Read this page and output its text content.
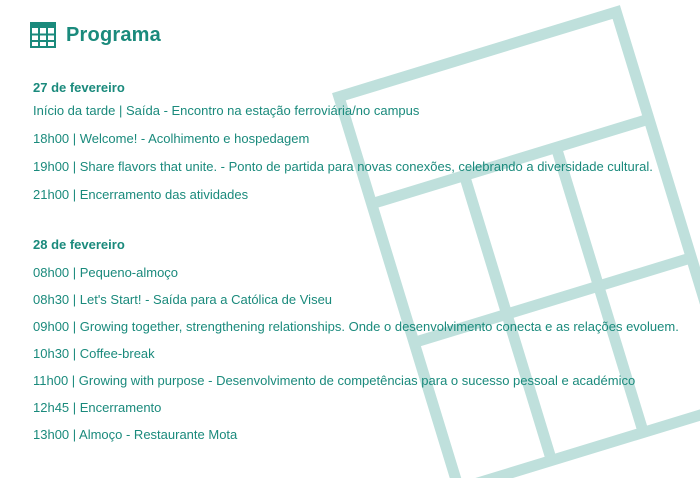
Programa
27 de fevereiro
Início da tarde | Saída - Encontro na estação ferroviária/no campus
18h00 | Welcome! - Acolhimento e hospedagem
19h00 | Share flavors that unite. - Ponto de partida para novas conexões, celebrando a diversidade cultural.
21h00 | Encerramento das atividades
28 de fevereiro
08h00 | Pequeno-almoço
08h30 | Let's Start! - Saída para a Católica de Viseu
09h00 | Growing together, strengthening relationships. Onde o desenvolvimento conecta e as relações evoluem.
10h30 | Coffee-break
11h00 | Growing with purpose - Desenvolvimento de competências para o sucesso pessoal e académico
12h45 | Encerramento
13h00 | Almoço - Restaurante Mota
